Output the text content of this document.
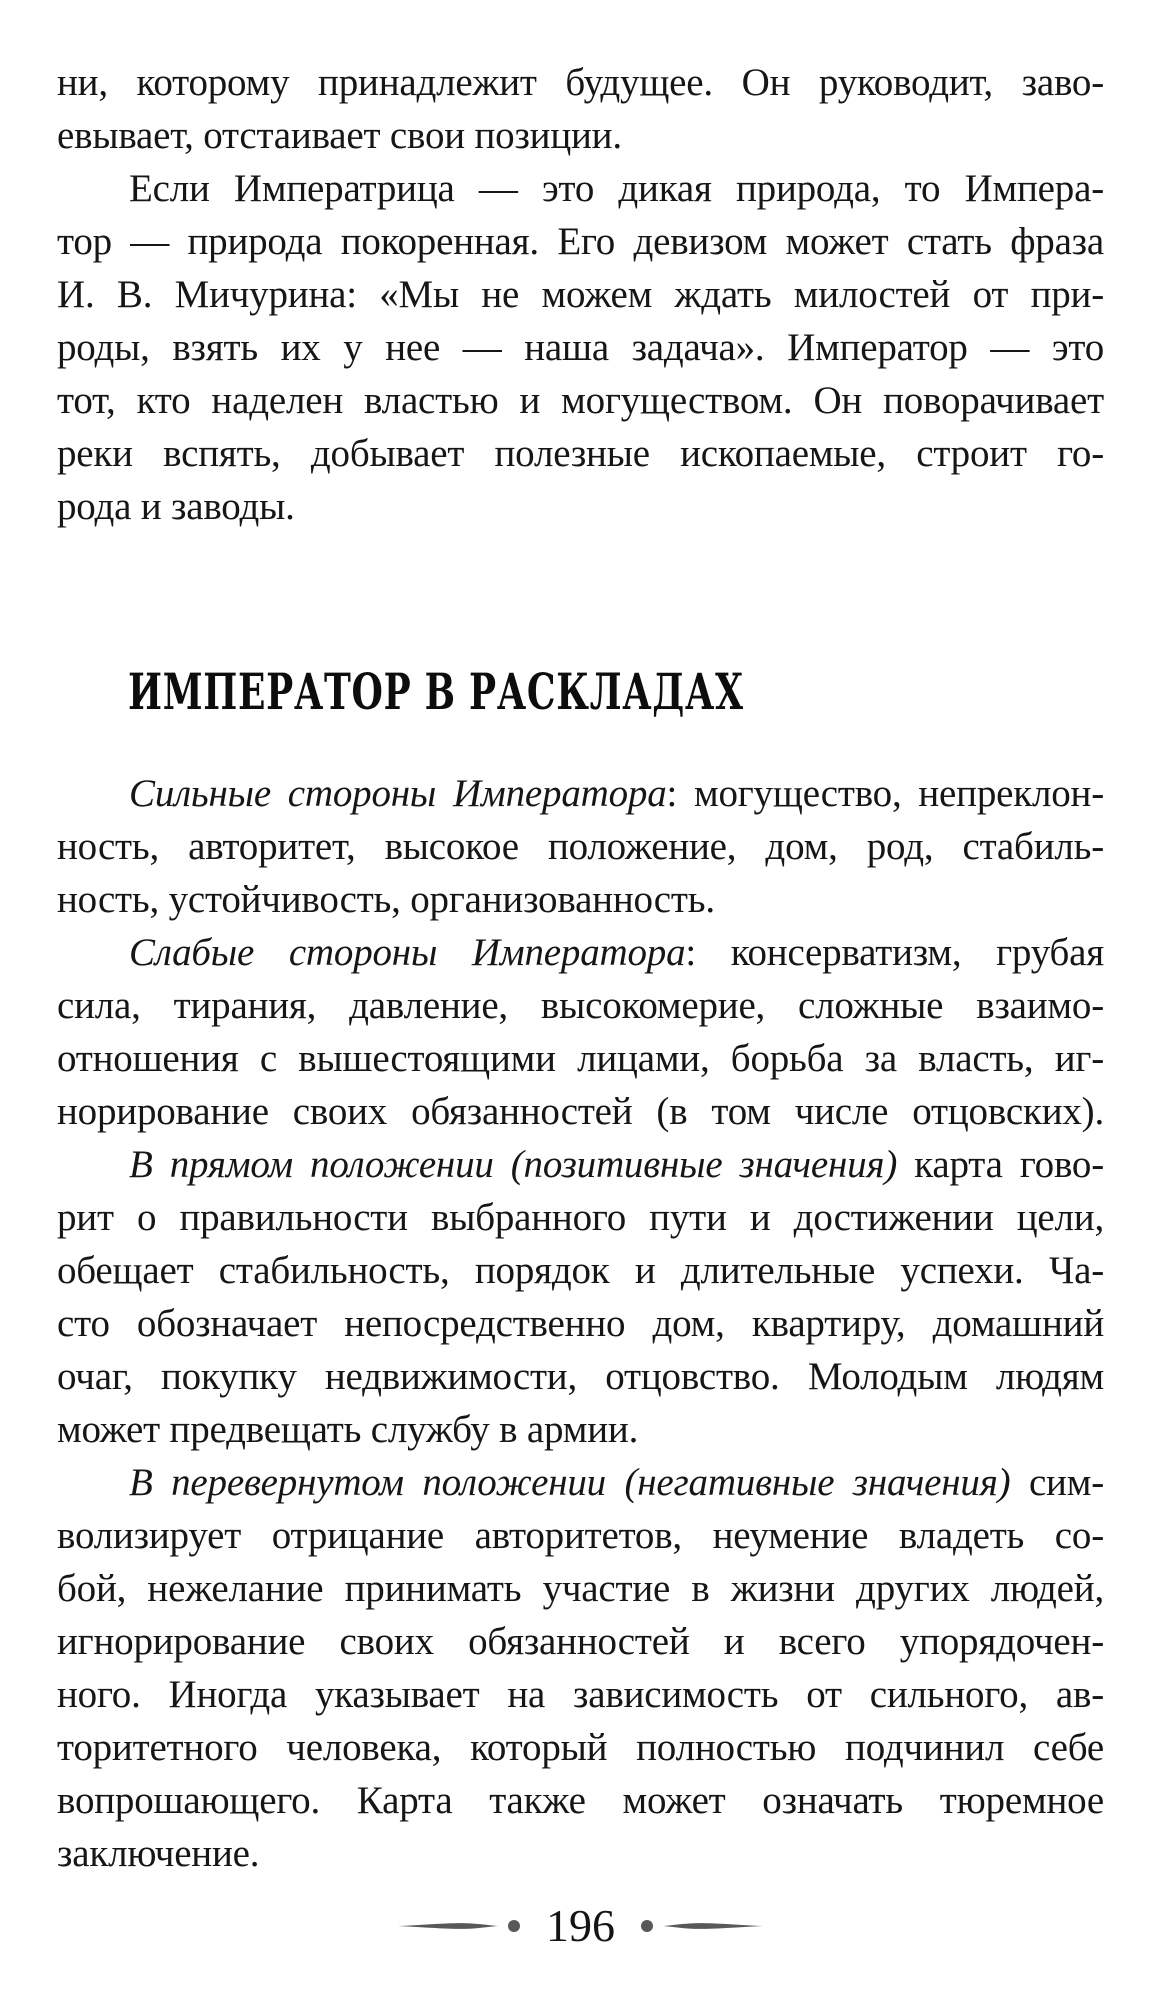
ни, которому принадлежит будущее. Он руководит, заво-
евывает, отстаивает свои позиции.
Если Императрица — это дикая природа, то Импера-
тор — природа покоренная. Его девизом может стать фраза
И. В. Мичурина: «Мы не можем ждать милостей от при-
роды, взять их у нее — наша задача». Император — это
тот, кто наделен властью и могуществом. Он поворачивает
реки вспять, добывает полезные ископаемые, строит го-
рода и заводы.
ИМПЕРАТОР В РАСКЛАДАХ
Сильные стороны Императора: могущество, непреклон-
ность, авторитет, высокое положение, дом, род, стабиль-
ность, устойчивость, организованность.
Слабые стороны Императора: консерватизм, грубая
сила, тирания, давление, высокомерие, сложные взаимо-
отношения с вышестоящими лицами, борьба за власть, иг-
норирование своих обязанностей (в том числе отцовских).
В прямом положении (позитивные значения) карта гово-
рит о правильности выбранного пути и достижении цели,
обещает стабильность, порядок и длительные успехи. Ча-
сто обозначает непосредственно дом, квартиру, домашний
очаг, покупку недвижимости, отцовство. Молодым людям
может предвещать службу в армии.
В перевернутом положении (негативные значения) сим-
волизирует отрицание авторитетов, неумение владеть со-
бой, нежелание принимать участие в жизни других людей,
игнорирование своих обязанностей и всего упорядочен-
ного. Иногда указывает на зависимость от сильного, ав-
торитетного человека, который полностью подчинил себе
вопрошающего. Карта также может означать тюремное
заключение.
196
